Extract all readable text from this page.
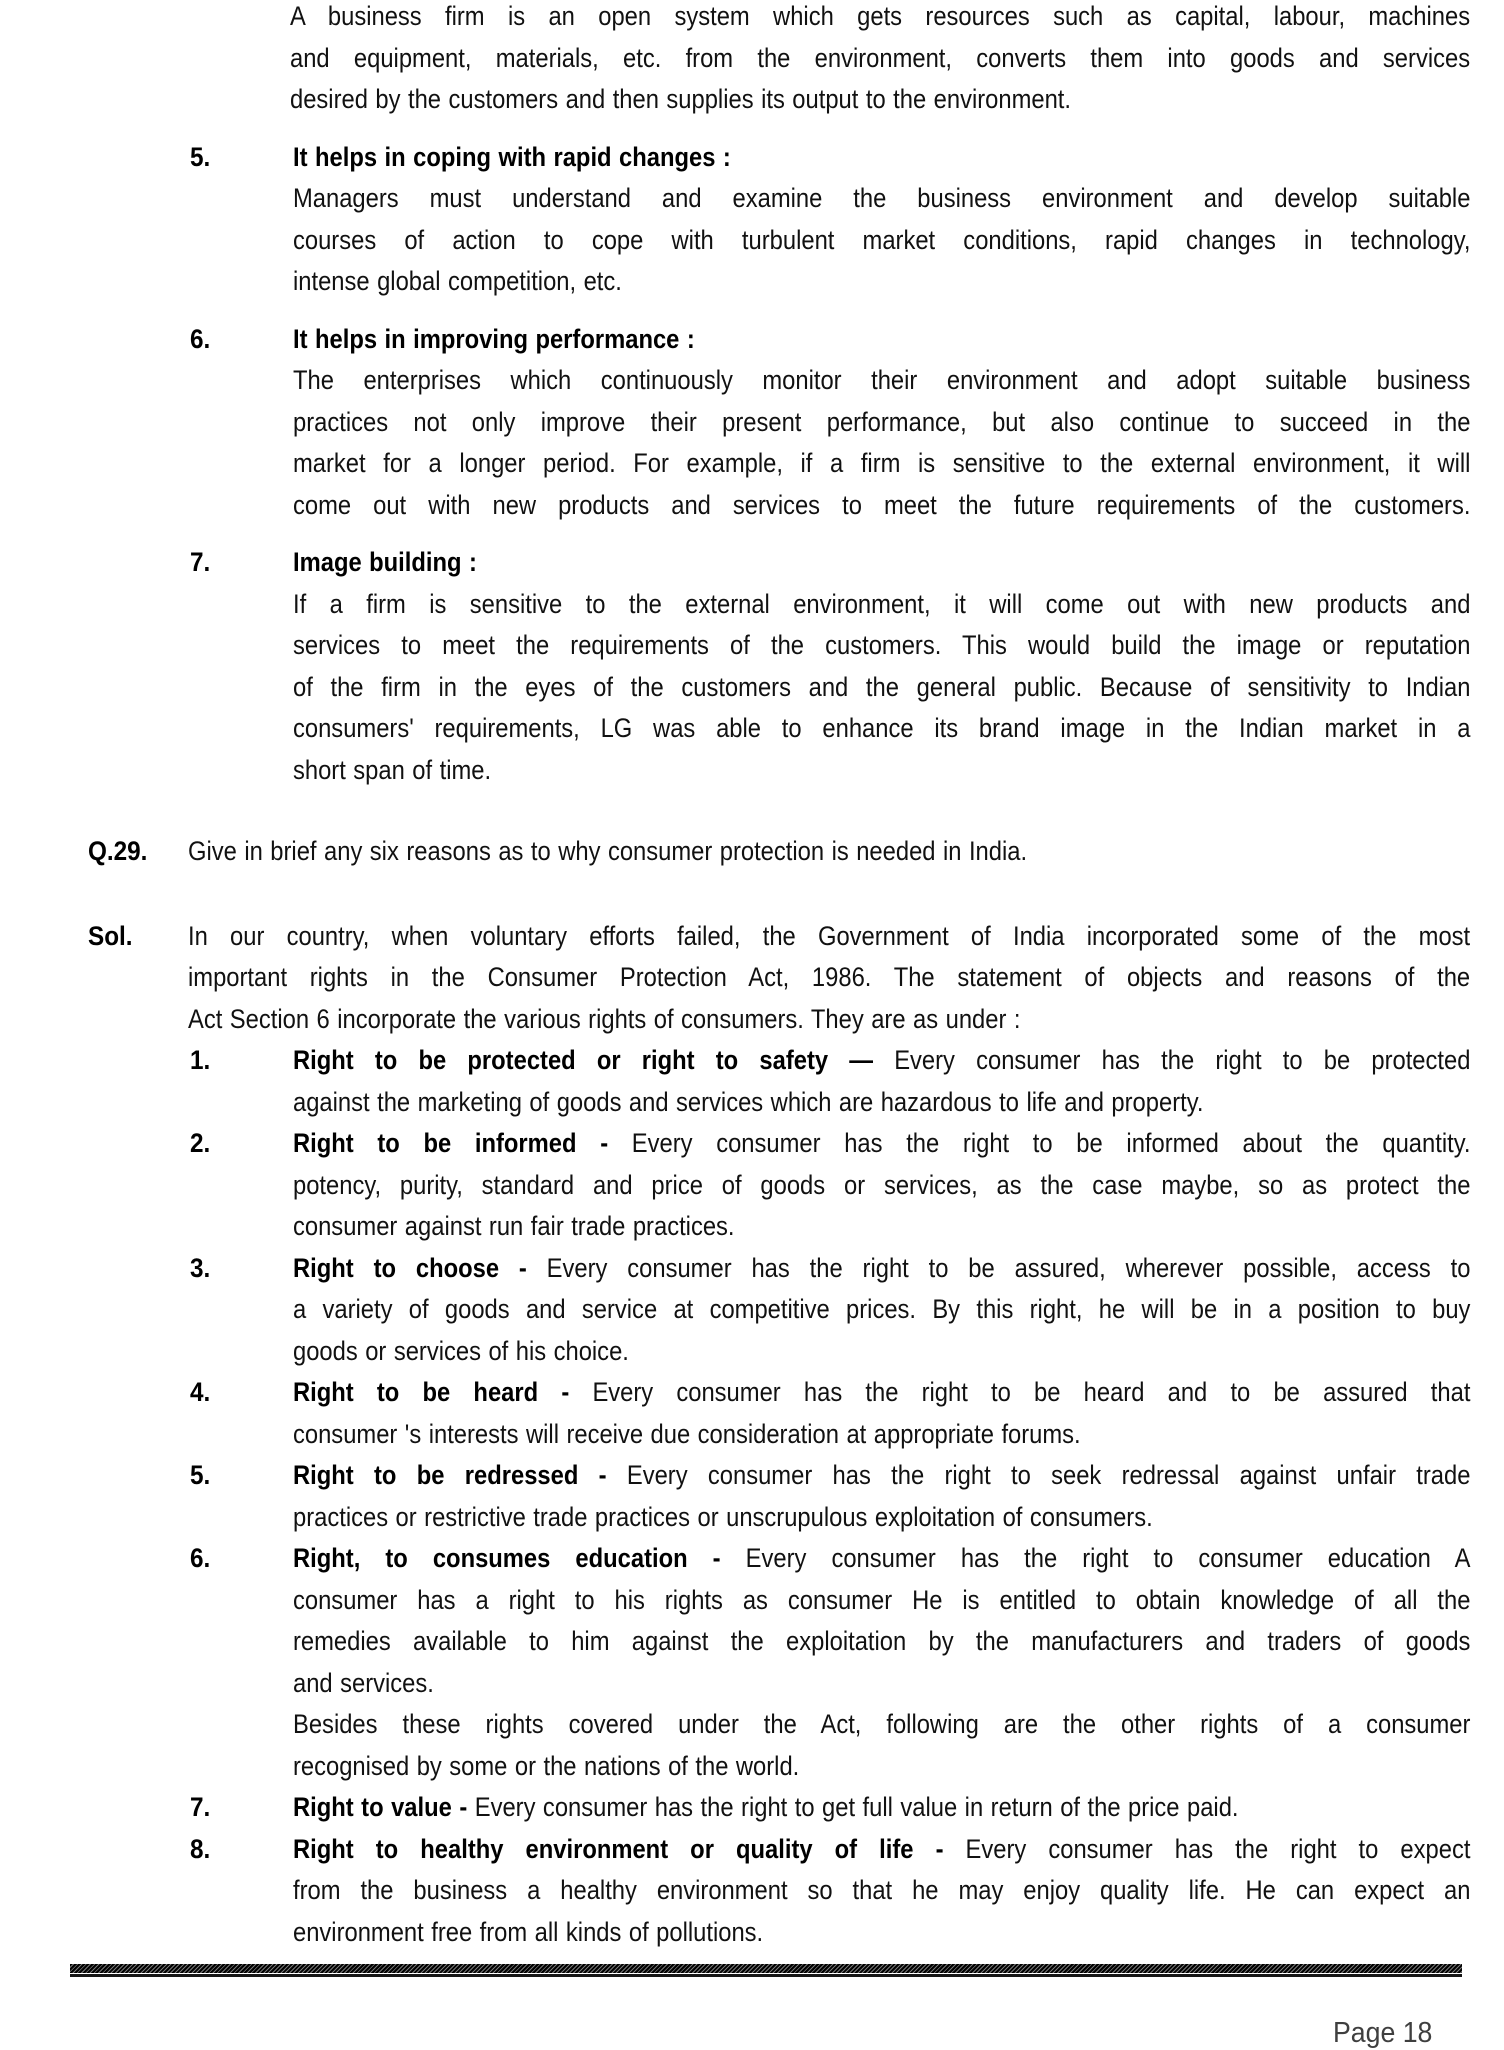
A business firm is an open system which gets resources such as capital, labour, machines
and equipment, materials, etc. from the environment, converts them into goods and services
desired by the customers and then supplies its output to the environment.
5.	It helps in coping with rapid changes :
Managers must understand and examine the business environment and develop suitable
courses of action to cope with turbulent market conditions, rapid changes in technology,
intense global competition, etc.
6.	It helps in improving performance :
The enterprises which continuously monitor their environment and adopt suitable business
practices not only improve their present performance, but also continue to succeed in the
market for a longer period. For example, if a firm is sensitive to the external environment, it will
come out with new products and services to meet the future requirements of the customers.
7.	Image building :
If a firm is sensitive to the external environment, it will come out with new products and
services to meet the requirements of the customers. This would build the image or reputation
of the firm in the eyes of the customers and the general public. Because of sensitivity to Indian
consumers' requirements, LG was able to enhance its brand image in the Indian market in a
short span of time.
Q.29. Give in brief any six reasons as to why consumer protection is needed in India.
Sol. In our country, when voluntary efforts failed, the Government of India incorporated some of the most
important rights in the Consumer Protection Act, 1986. The statement of objects and reasons of the
Act Section 6 incorporate the various rights of consumers. They are as under :
1.	Right to be protected or right to safety — Every consumer has the right to be protected
against the marketing of goods and services which are hazardous to life and property.
2.	Right to be informed - Every consumer has the right to be informed about the quantity.
potency, purity, standard and price of goods or services, as the case maybe, so as protect the
consumer against run fair trade practices.
3.	Right to choose - Every consumer has the right to be assured, wherever possible, access to
a variety of goods and service at competitive prices. By this right, he will be in a position to buy
goods or services of his choice.
4.	Right to be heard - Every consumer has the right to be heard and to be assured that
consumer 's interests will receive due consideration at appropriate forums.
5.	Right to be redressed - Every consumer has the right to seek redressal against unfair trade
practices or restrictive trade practices or unscrupulous exploitation of consumers.
6.	Right, to consumes education - Every consumer has the right to consumer education A
consumer has a right to his rights as consumer He is entitled to obtain knowledge of all the
remedies available to him against the exploitation by the manufacturers and traders of goods
and services.
Besides these rights covered under the Act, following are the other rights of a consumer
recognised by some or the nations of the world.
7.	Right to value - Every consumer has the right to get full value in return of the price paid.
8.	Right to healthy environment or quality of life - Every consumer has the right to expect
from the business a healthy environment so that he may enjoy quality life. He can expect an
environment free from all kinds of pollutions.
Page 18
